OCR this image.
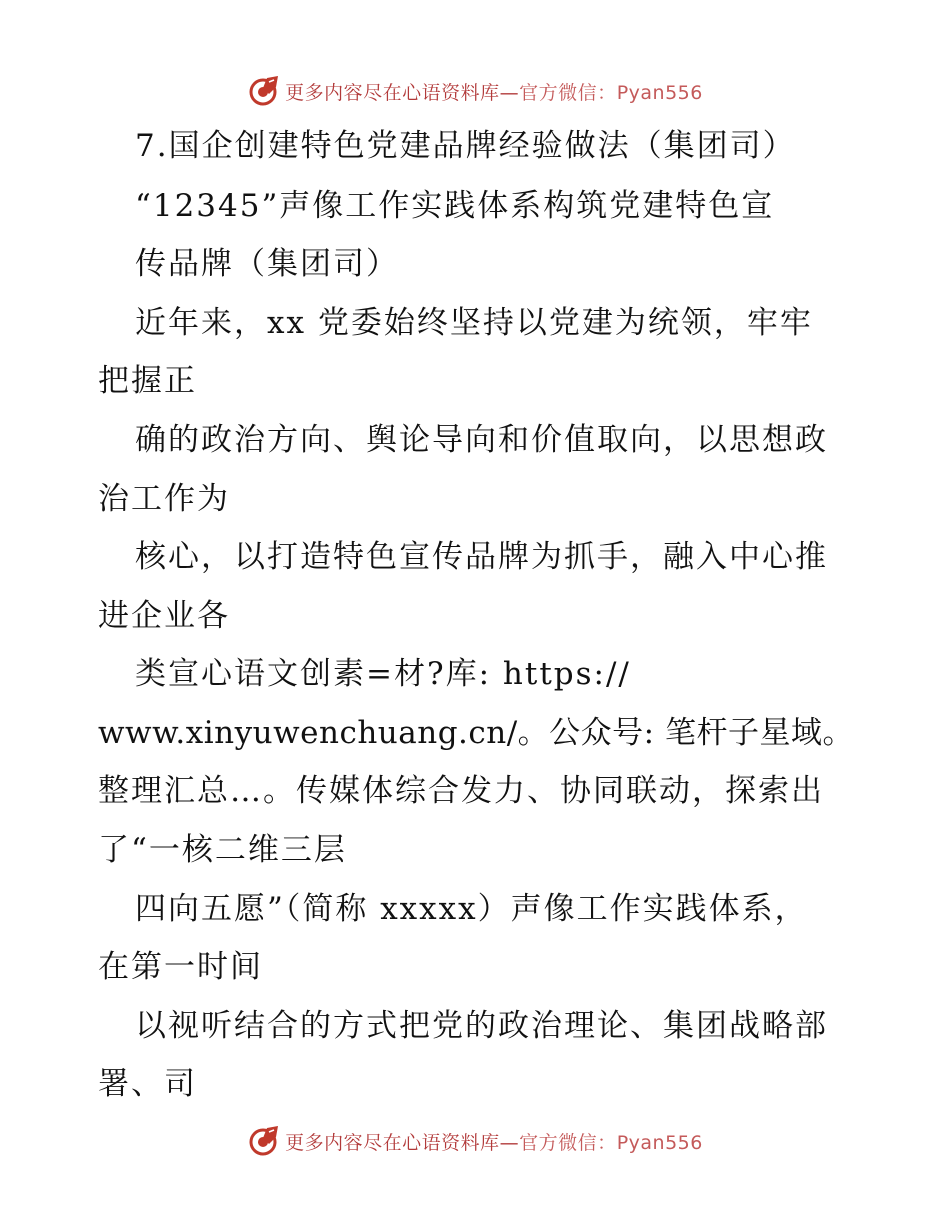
更多内容尽在心语资料库—官方微信：Pyan556
7.国企创建特色党建品牌经验做法（集团司）
“12345”声像工作实践体系构筑党建特色宣
传品牌（集团司）
近年来，xx 党委始终坚持以党建为统领，牢牢
把握正
确的政治方向、舆论导向和价值取向，以思想政
治工作为
核心，以打造特色宣传品牌为抓手，融入中心推
进企业各
类宣心语文创素=材?库: https://
www.xinyuwenchuang.cn/。公众号: 笔杆子星域。
整理汇总…。传媒体综合发力、协同联动，探索出
了“一核二维三层
四向五愿”（简称 xxxxx）声像工作实践体系，
在第一时间
以视听结合的方式把党的政治理论、集团战略部
署、司
更多内容尽在心语资料库—官方微信：Pyan556
